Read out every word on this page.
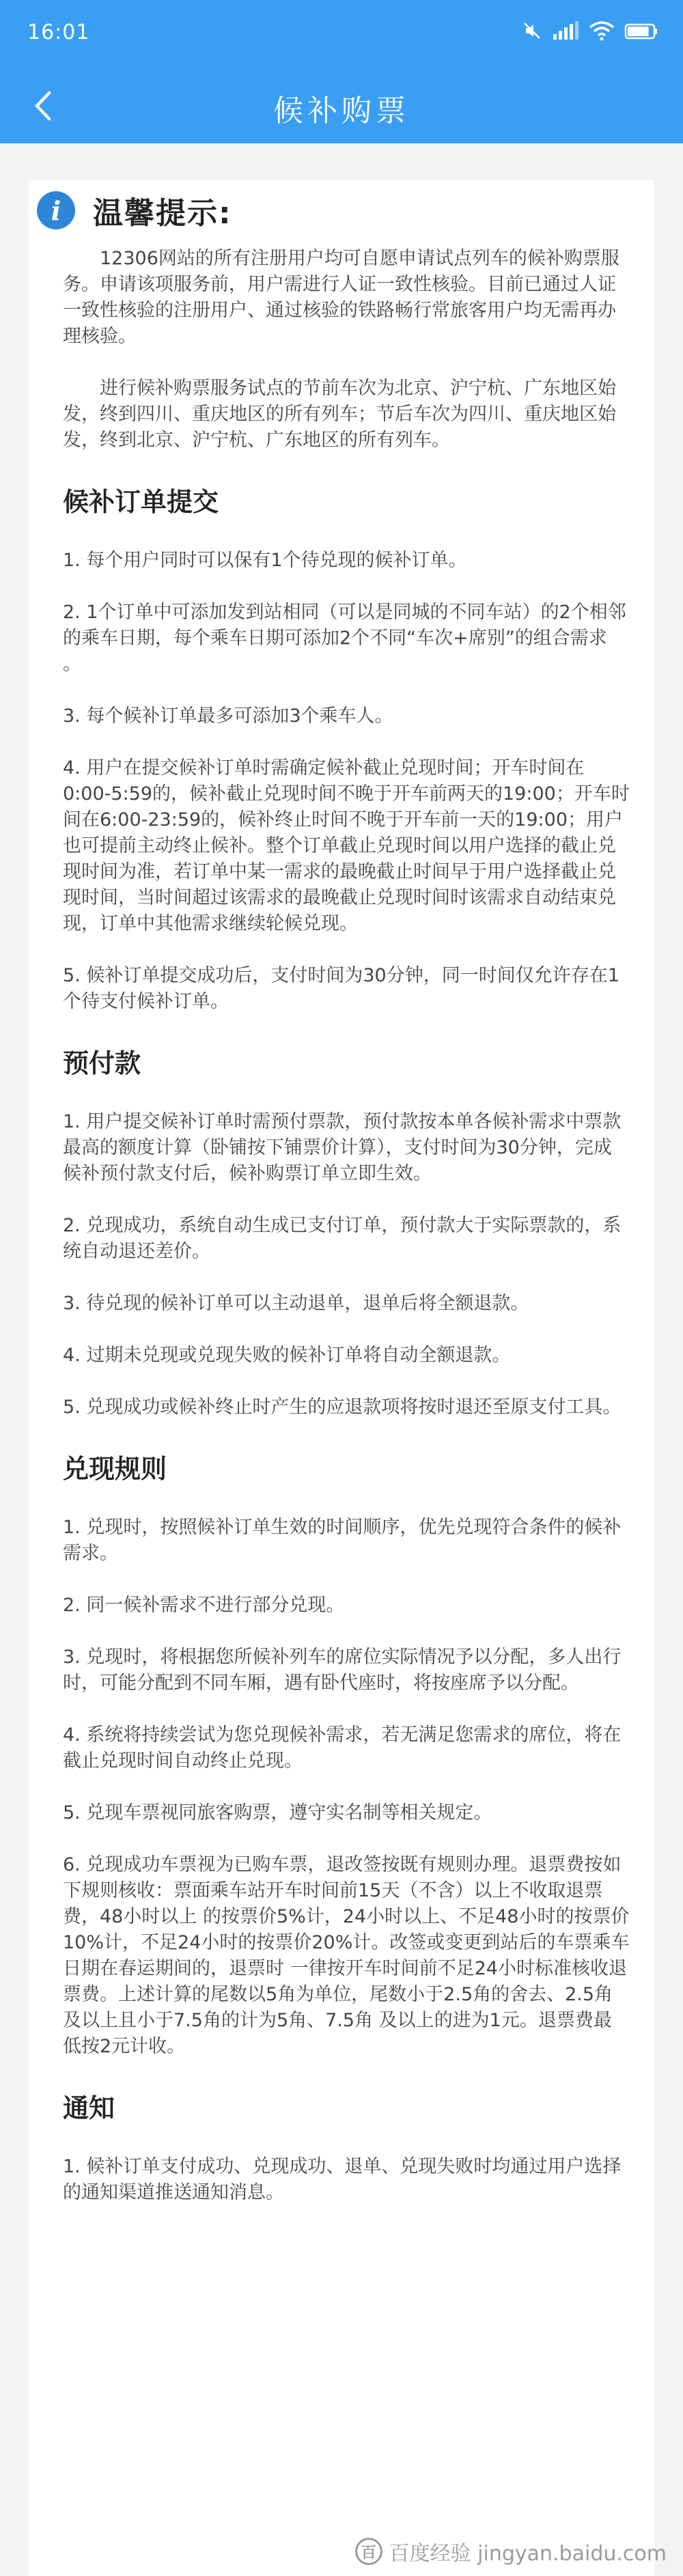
16:01
候补购票
i	温馨提示:

12306网站的所有注册用户均可自愿申请试点列车的候补购票服务。申请该项服务前，用户需进行人证一致性核验。目前已通过人证一致性核验的注册用户、通过核验的铁路畅行常旅客用户均无需再办理核验。

进行候补购票服务试点的节前车次为北京、沪宁杭、广东地区始发，终到四川、重庆地区的所有列车；节后车次为四川、重庆地区始发，终到北京、沪宁杭、广东地区的所有列车。

候补订单提交

1. 每个用户同时可以保有1个待兑现的候补订单。

2. 1个订单中可添加发到站相同（可以是同城的不同车站）的2个相邻的乘车日期，每个乘车日期可添加2个不同“车次+席别”的组合需求 。

3. 每个候补订单最多可添加3个乘车人。

4. 用户在提交候补订单时需确定候补截止兑现时间；开车时间在0:00-5:59的，候补截止兑现时间不晚于开车前两天的19:00；开车时间在6:00-23:59的，候补终止时间不晚于开车前一天的19:00；用户也可提前主动终止候补。整个订单截止兑现时间以用户选择的截止兑现时间为准，若订单中某一需求的最晚截止时间早于用户选择截止兑现时间，当时间超过该需求的最晚截止兑现时间时该需求自动结束兑现，订单中其他需求继续轮候兑现。

5. 候补订单提交成功后，支付时间为30分钟，同一时间仅允许存在1个待支付候补订单。

预付款

1. 用户提交候补订单时需预付票款，预付款按本单各候补需求中票款最高的额度计算（卧铺按下铺票价计算），支付时间为30分钟，完成候补预付款支付后，候补购票订单立即生效。

2. 兑现成功，系统自动生成已支付订单，预付款大于实际票款的，系统自动退还差价。

3. 待兑现的候补订单可以主动退单，退单后将全额退款。

4. 过期未兑现或兑现失败的候补订单将自动全额退款。

5. 兑现成功或候补终止时产生的应退款项将按时退还至原支付工具。

兑现规则

1. 兑现时，按照候补订单生效的时间顺序，优先兑现符合条件的候补需求。

2. 同一候补需求不进行部分兑现。

3. 兑现时，将根据您所候补列车的席位实际情况予以分配，多人出行时，可能分配到不同车厢，遇有卧代座时，将按座席予以分配。

4. 系统将持续尝试为您兑现候补需求，若无满足您需求的席位，将在截止兑现时间自动终止兑现。

5. 兑现车票视同旅客购票，遵守实名制等相关规定。

6. 兑现成功车票视为已购车票，退改签按既有规则办理。退票费按如下规则核收：票面乘车站开车时间前15天（不含）以上不收取退票费，48小时以上 的按票价5%计，24小时以上、不足48小时的按票价10%计，不足24小时的按票价20%计。改签或变更到站后的车票乘车日期在春运期间的，退票时 一律按开车时间前不足24小时标准核收退票费。上述计算的尾数以5角为单位，尾数小于2.5角的舍去、2.5角及以上且小于7.5角的计为5角、7.5角 及以上的进为1元。退票费最低按2元计收。

通知

1. 候补订单支付成功、兑现成功、退单、兑现失败时均通过用户选择的通知渠道推送通知消息。

百 百度经验 jingyan.baidu.com
